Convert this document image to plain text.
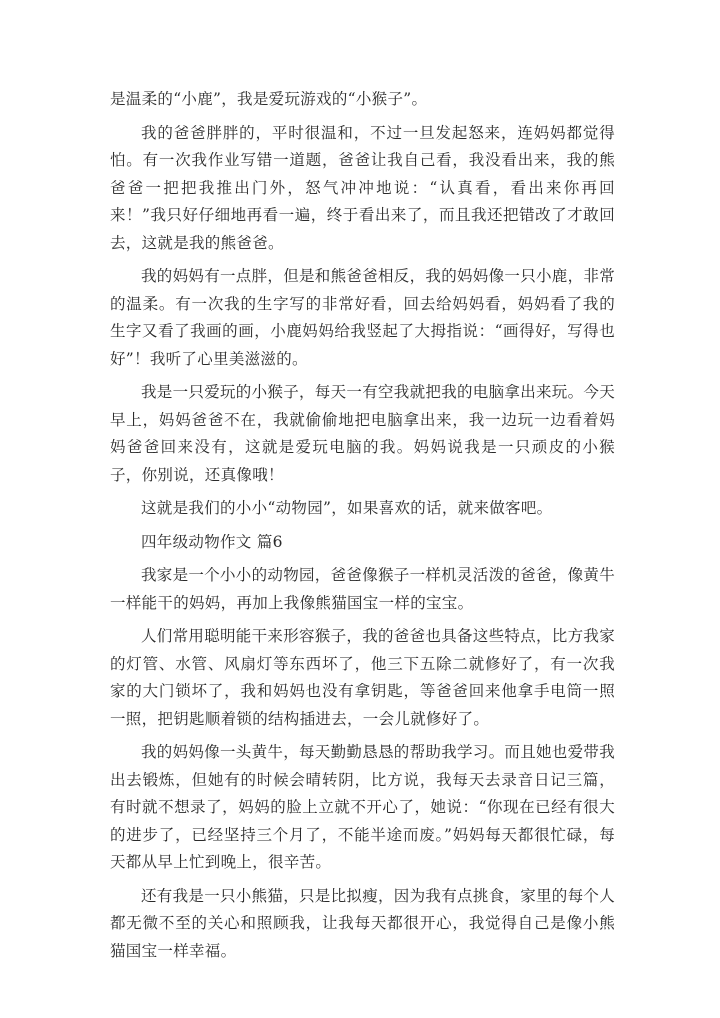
是温柔的“小鹿”，我是爱玩游戏的“小猴子”。

我的爸爸胖胖的，平时很温和，不过一旦发起怒来，连妈妈都觉得怕。有一次我作业写错一道题，爸爸让我自己看，我没看出来，我的熊爸爸一把把我推出门外，怒气冲冲地说：“认真看，看出来你再回来！”我只好仔细地再看一遍，终于看出来了，而且我还把错改了才敢回去，这就是我的熊爸爸。

我的妈妈有一点胖，但是和熊爸爸相反，我的妈妈像一只小鹿，非常的温柔。有一次我的生字写的非常好看，回去给妈妈看，妈妈看了我的生字又看了我画的画，小鹿妈妈给我竖起了大拇指说：“画得好，写得也好”！我听了心里美滋滋的。

我是一只爱玩的小猴子，每天一有空我就把我的电脑拿出来玩。今天早上，妈妈爸爸不在，我就偷偷地把电脑拿出来，我一边玩一边看着妈妈爸爸回来没有，这就是爱玩电脑的我。妈妈说我是一只顽皮的小猴子，你别说，还真像哦！

这就是我们的小小“动物园”，如果喜欢的话，就来做客吧。

四年级动物作文 篇6

我家是一个小小的动物园，爸爸像猴子一样机灵活泼的爸爸，像黄牛一样能干的妈妈，再加上我像熊猫国宝一样的宝宝。

人们常用聪明能干来形容猴子，我的爸爸也具备这些特点，比方我家的灯管、水管、风扇灯等东西坏了，他三下五除二就修好了，有一次我家的大门锁坏了，我和妈妈也没有拿钥匙，等爸爸回来他拿手电筒一照一照，把钥匙顺着锁的结构插进去，一会儿就修好了。

我的妈妈像一头黄牛，每天勤勤恳恳的帮助我学习。而且她也爱带我出去锻炼，但她有的时候会晴转阴，比方说，我每天去录音日记三篇，有时就不想录了，妈妈的脸上立就不开心了，她说：“你现在已经有很大的进步了，已经坚持三个月了，不能半途而废。”妈妈每天都很忙碌，每天都从早上忙到晚上，很辛苦。

还有我是一只小熊猫，只是比拟瘦，因为我有点挑食，家里的每个人都无微不至的关心和照顾我，让我每天都很开心，我觉得自己是像小熊猫国宝一样幸福。
